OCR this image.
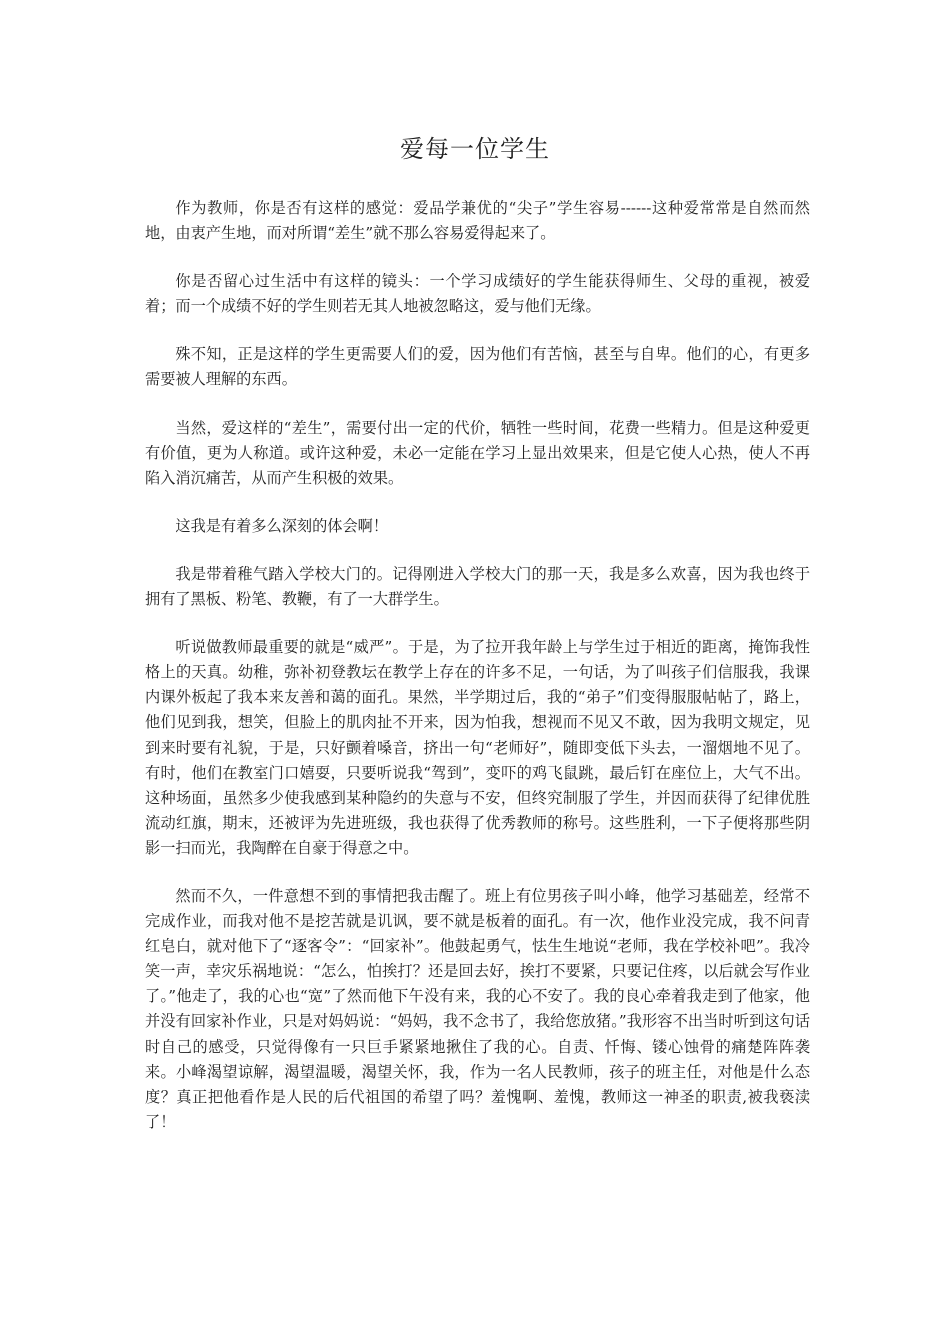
爱每一位学生

作为教师，你是否有这样的感觉：爱品学兼优的“尖子”学生容易------这种爱常常是自然而然地，由衷产生地，而对所谓“差生”就不那么容易爱得起来了。

你是否留心过生活中有这样的镜头：一个学习成绩好的学生能获得师生、父母的重视，被爱着；而一个成绩不好的学生则若无其人地被忽略这，爱与他们无缘。

殊不知，正是这样的学生更需要人们的爱，因为他们有苦恼，甚至与自卑。他们的心，有更多需要被人理解的东西。

当然，爱这样的“差生”，需要付出一定的代价，牺牲一些时间，花费一些精力。但是这种爱更有价值，更为人称道。或许这种爱，未必一定能在学习上显出效果来，但是它使人心热，使人不再陷入消沉痛苦，从而产生积极的效果。

这我是有着多么深刻的体会啊！

我是带着稚气踏入学校大门的。记得刚进入学校大门的那一天，我是多么欢喜，因为我也终于拥有了黑板、粉笔、教鞭，有了一大群学生。

听说做教师最重要的就是“威严”。于是，为了拉开我年龄上与学生过于相近的距离，掩饰我性格上的天真。幼稚，弥补初登教坛在教学上存在的许多不足，一句话，为了叫孩子们信服我，我课内课外板起了我本来友善和蔼的面孔。果然，半学期过后，我的“弟子”们变得服服帖帖了，路上，他们见到我，想笑，但脸上的肌肉扯不开来，因为怕我，想视而不见又不敢，因为我明文规定，见到来时要有礼貌，于是，只好颤着嗓音，挤出一句“老师好”，随即变低下头去，一溜烟地不见了。有时，他们在教室门口嬉耍，只要听说我“驾到”，变吓的鸡飞鼠跳，最后钉在座位上，大气不出。这种场面，虽然多少使我感到某种隐约的失意与不安，但终究制服了学生，并因而获得了纪律优胜流动红旗，期末，还被评为先进班级，我也获得了优秀教师的称号。这些胜利，一下子便将那些阴影一扫而光，我陶醉在自豪于得意之中。

然而不久，一件意想不到的事情把我击醒了。班上有位男孩子叫小峰，他学习基础差，经常不完成作业，而我对他不是挖苦就是讥讽，要不就是板着的面孔。有一次，他作业没完成，我不问青红皂白，就对他下了“逐客令”：“回家补”。他鼓起勇气，怯生生地说“老师，我在学校补吧”。我冷笑一声，幸灾乐祸地说：“怎么，怕挨打？还是回去好，挨打不要紧，只要记住疼，以后就会写作业了。”他走了，我的心也“宽”了然而他下午没有来，我的心不安了。我的良心牵着我走到了他家，他并没有回家补作业，只是对妈妈说：“妈妈，我不念书了，我给您放猪。”我形容不出当时听到这句话时自己的感受，只觉得像有一只巨手紧紧地揪住了我的心。自责、忏悔、镂心蚀骨的痛楚阵阵袭来。小峰渴望谅解，渴望温暖，渴望关怀，我，作为一名人民教师，孩子的班主任，对他是什么态度？真正把他看作是人民的后代祖国的希望了吗？羞愧啊、羞愧，教师这一神圣的职责,被我亵渎了！
